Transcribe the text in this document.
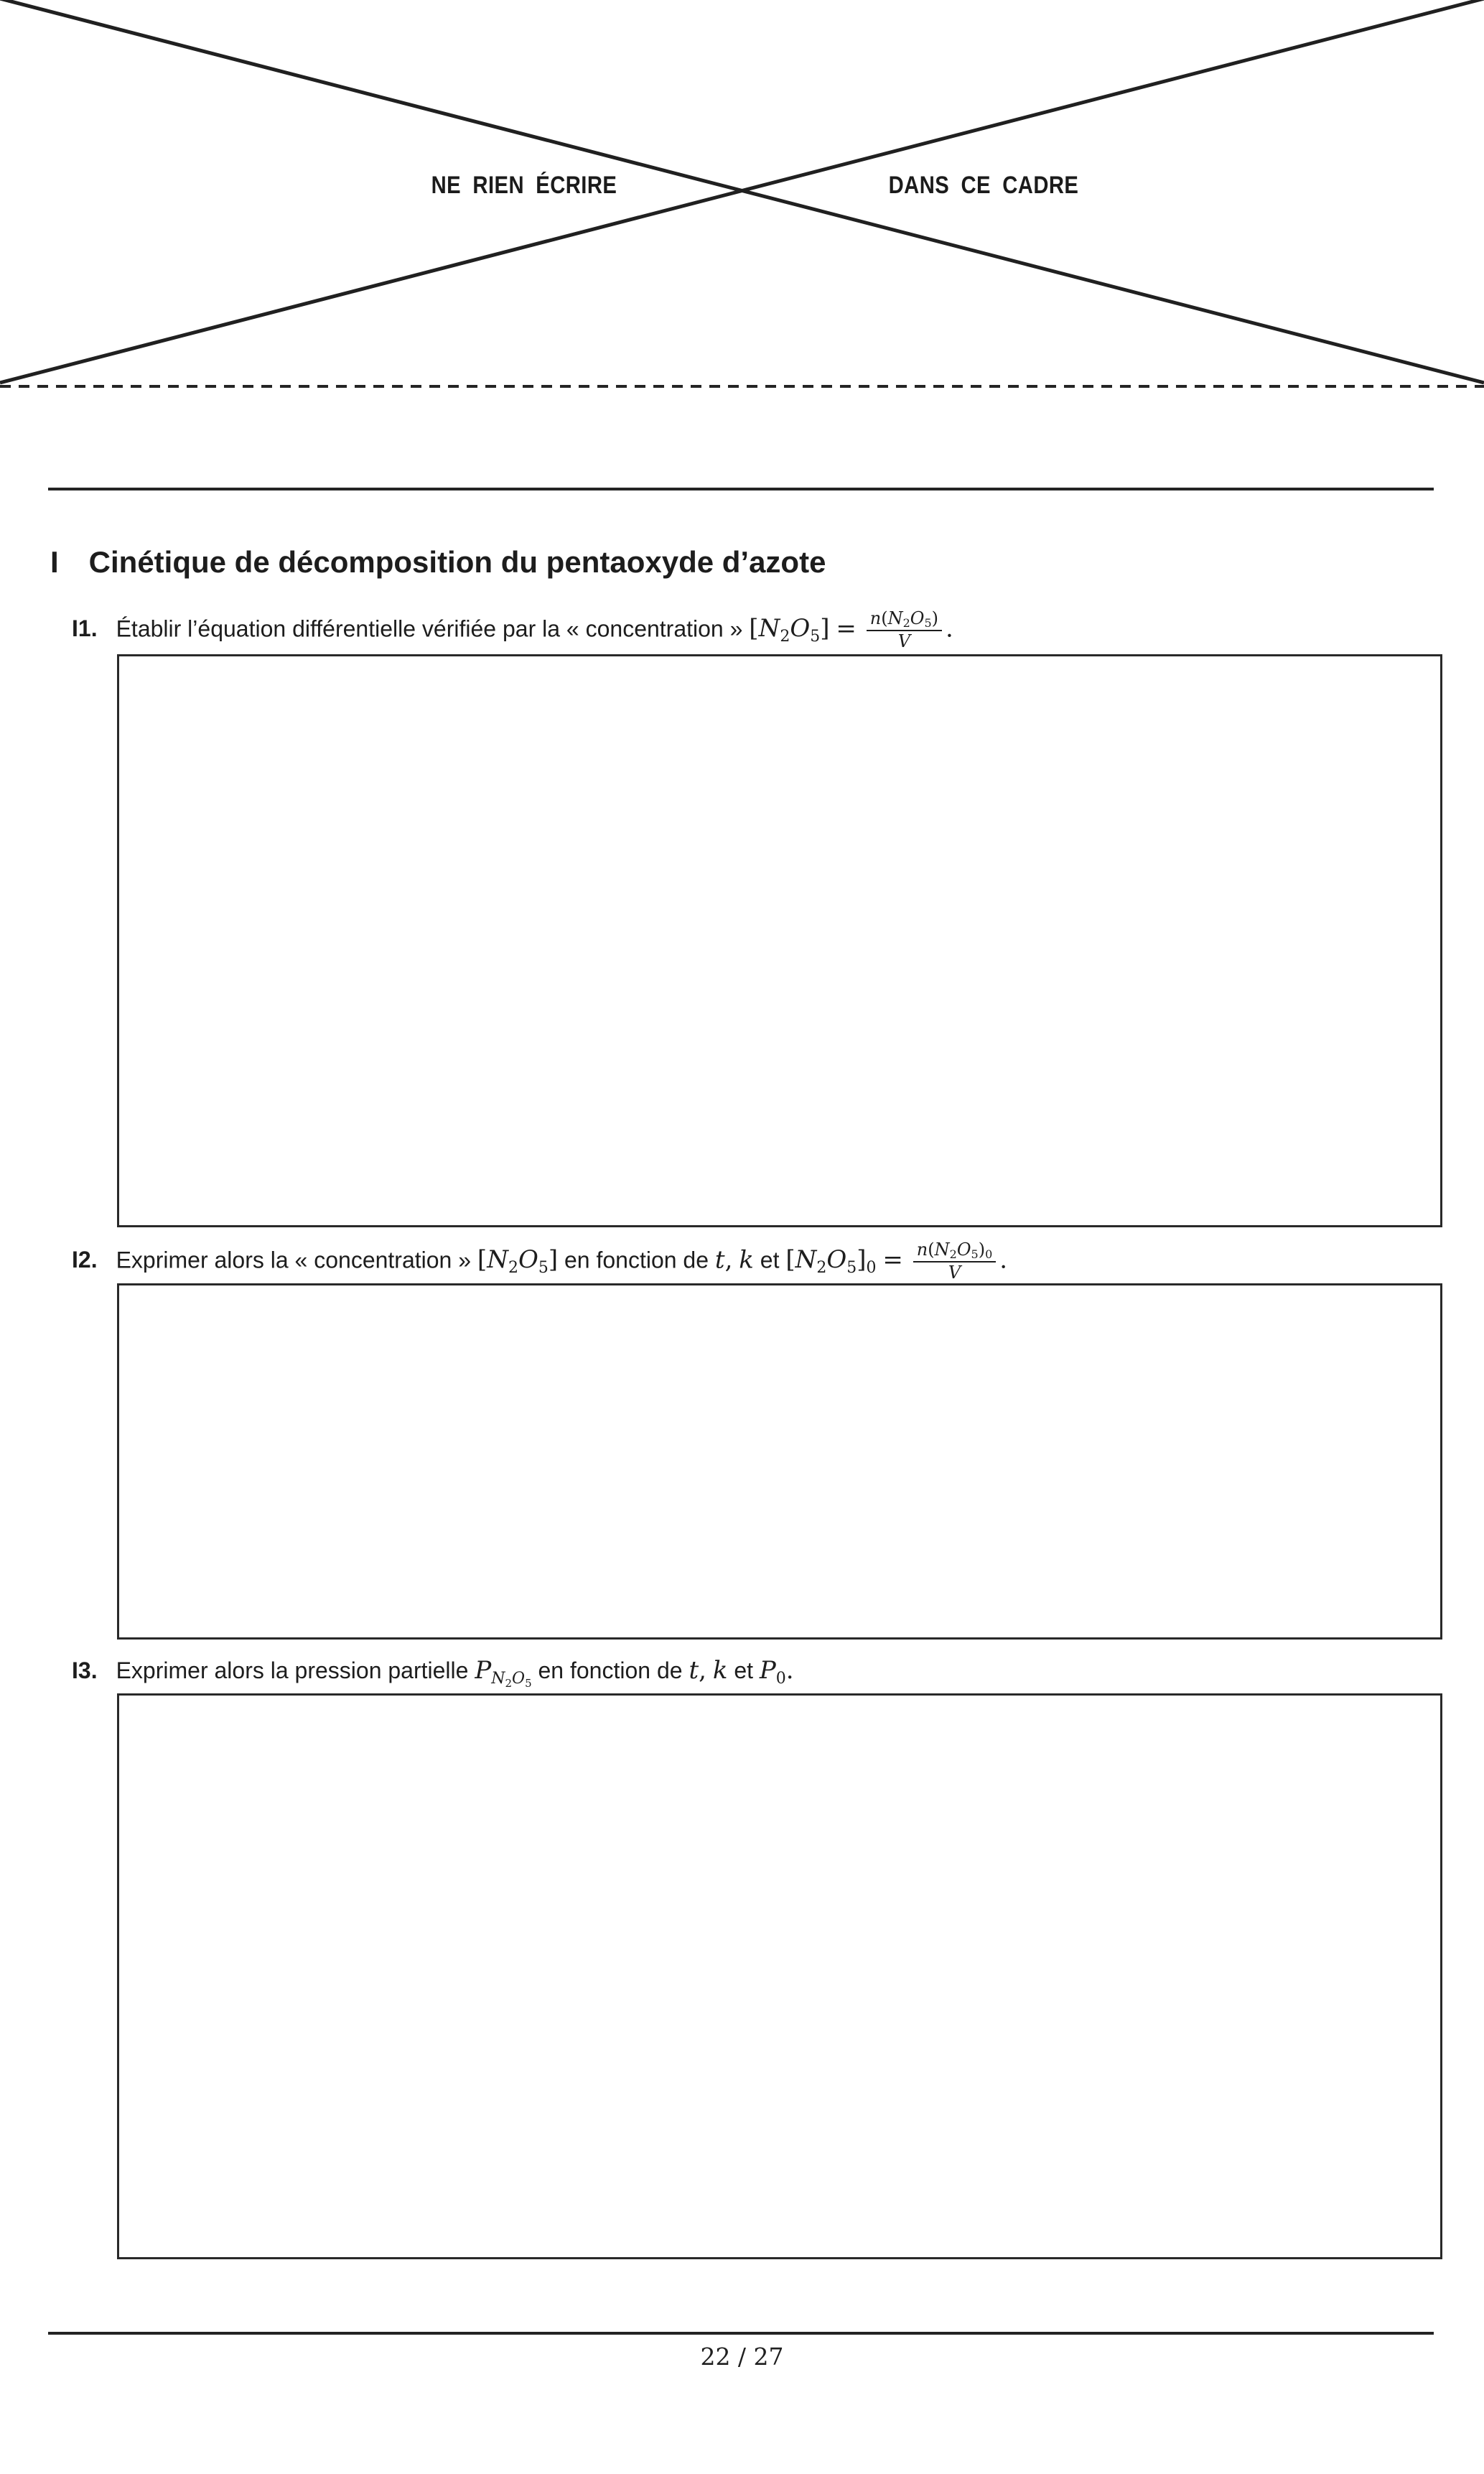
NE RIEN ÉCRIRE	DANS CE CADRE
I Cinétique de décomposition du pentaoxyde d’azote
I1. Établir l’équation différentielle vérifiée par la « concentration » $[N_2O_5] = \frac{n(N_2O_5)}{V}$ .
I2. Exprimer alors la « concentration » $[N_2O_5]$ en fonction de t, k et $[N_2O_5]_0 = \frac{n(N_2O_5)_0}{V}$ .
I3. Exprimer alors la pression partielle $P_{N_2O_5}$ en fonction de t, k et $P_0$.
22 / 27
